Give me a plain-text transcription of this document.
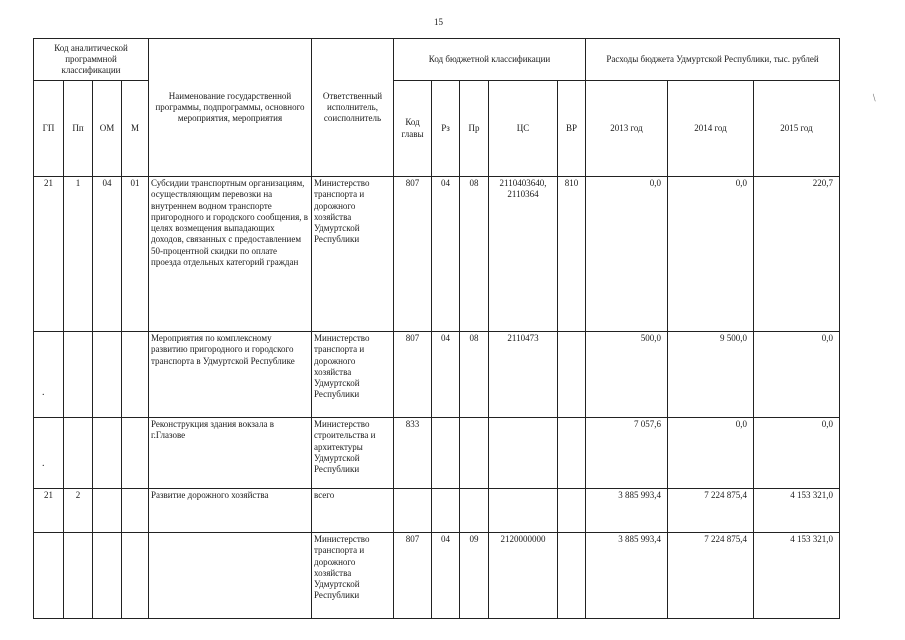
15
/
Код аналитической программной классификации				Наименование государственной программы, подпрограммы, основного мероприятия, мероприятия	Ответственный исполнитель, соисполнитель	Код бюджетной классификации					Расходы бюджета Удмуртской Республики, тыс. рублей		
ГП	Пп	ОМ	М			Код главы	Рз	Пр	ЦС	ВР	2013 год	2014 год	2015 год
21	1	04	01	Субсидии транспортным организациям, осуществляющим перевозки на внутреннем водном транспорте пригородного и городского сообщения, в целях возмещения выпадающих доходов, связанных с предоставлением 50-процентной скидки по оплате проезда отдельных категорий граждан	Министерство транспорта и дорожного хозяйства Удмуртской Республики	807	04	08	2110403640, 2110364	810	0,0	0,0	220,7
.				Мероприятия по комплексному развитию пригородного и городского транспорта в Удмуртской Республике	Министерство транспорта и дорожного хозяйства Удмуртской Республики	807	04	08	2110473		500,0	9 500,0	0,0
.				Реконструкция здания вокзала в г.Глазове	Министерство строительства и архитектуры Удмуртской Республики	833					7 057,6	0,0	0,0
21	2			Развитие дорожного хозяйства	всего						3 885 993,4	7 224 875,4	4 153 321,0
					Министерство транспорта и дорожного хозяйства Удмуртской Республики	807	04	09	2120000000		3 885 993,4	7 224 875,4	4 153 321,0
